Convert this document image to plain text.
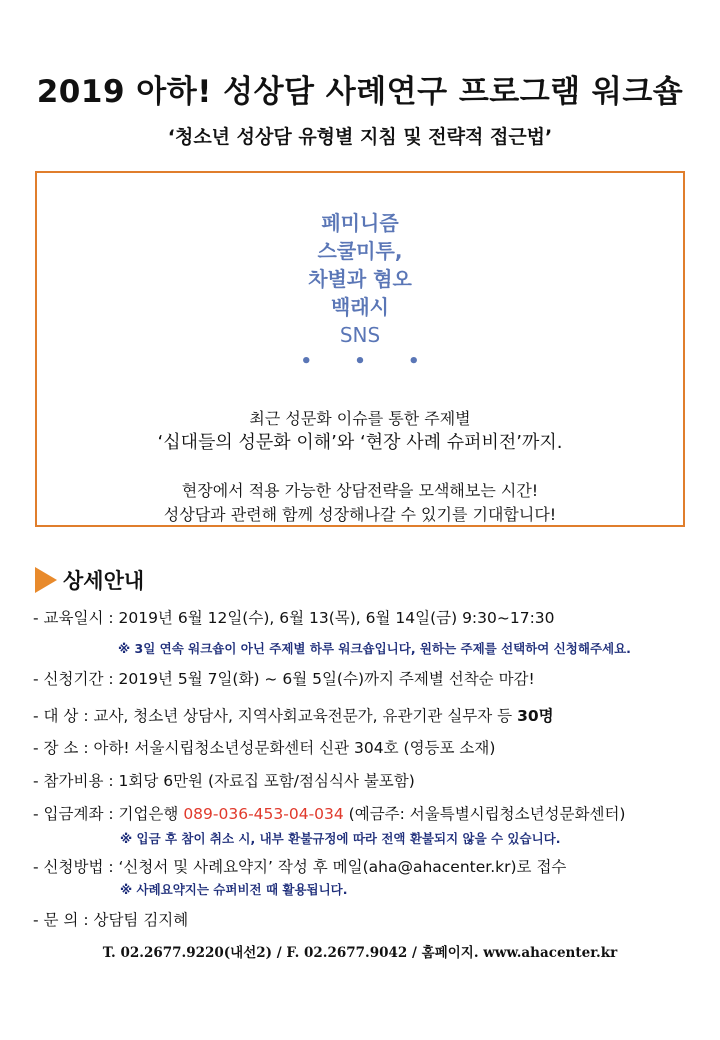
2019 아하! 성상담 사례연구 프로그램 워크숍
‘청소년 성상담 유형별 지침 및 전략적 접근법’
페미니즘
스쿨미투,
차별과 혐오
백래시
SNS
• • •
최근 성문화 이슈를 통한 주제별
‘십대들의 성문화 이해’와 ‘현장 사례 슈퍼비전’까지.
현장에서 적용 가능한 상담전략을 모색해보는 시간!
성상담과 관련해 함께 성장해나갈 수 있기를 기대합니다!
상세안내
- 교육일시 : 2019년 6월 12일(수), 6월 13(목), 6월 14일(금) 9:30~17:30
※ 3일 연속 워크숍이 아닌 주제별 하루 워크숍입니다, 원하는 주제를 선택하여 신청해주세요.
- 신청기간 : 2019년 5월 7일(화) ~ 6월 5일(수)까지 주제별 선착순 마감!
- 대 상 : 교사, 청소년 상담사, 지역사회교육전문가, 유관기관 실무자 등 30명
- 장 소 : 아하! 서울시립청소년성문화센터 신관 304호 (영등포 소재)
- 참가비용 : 1회당 6만원 (자료집 포함/점심식사 불포함)
- 입금계좌 : 기업은행 089-036-453-04-034 (예금주: 서울특별시립청소년성문화센터)
※ 입금 후 참이 취소 시, 내부 환불규정에 따라 전액 환불되지 않을 수 있습니다.
- 신청방법 : ‘신청서 및 사례요약지’ 작성 후 메일(aha@ahacenter.kr)로 접수
※ 사례요약지는 슈퍼비전 때 활용됩니다.
- 문 의 : 상담팀 김지혜
T. 02.2677.9220(내선2) / F. 02.2677.9042 / 홈페이지. www.ahacenter.kr
